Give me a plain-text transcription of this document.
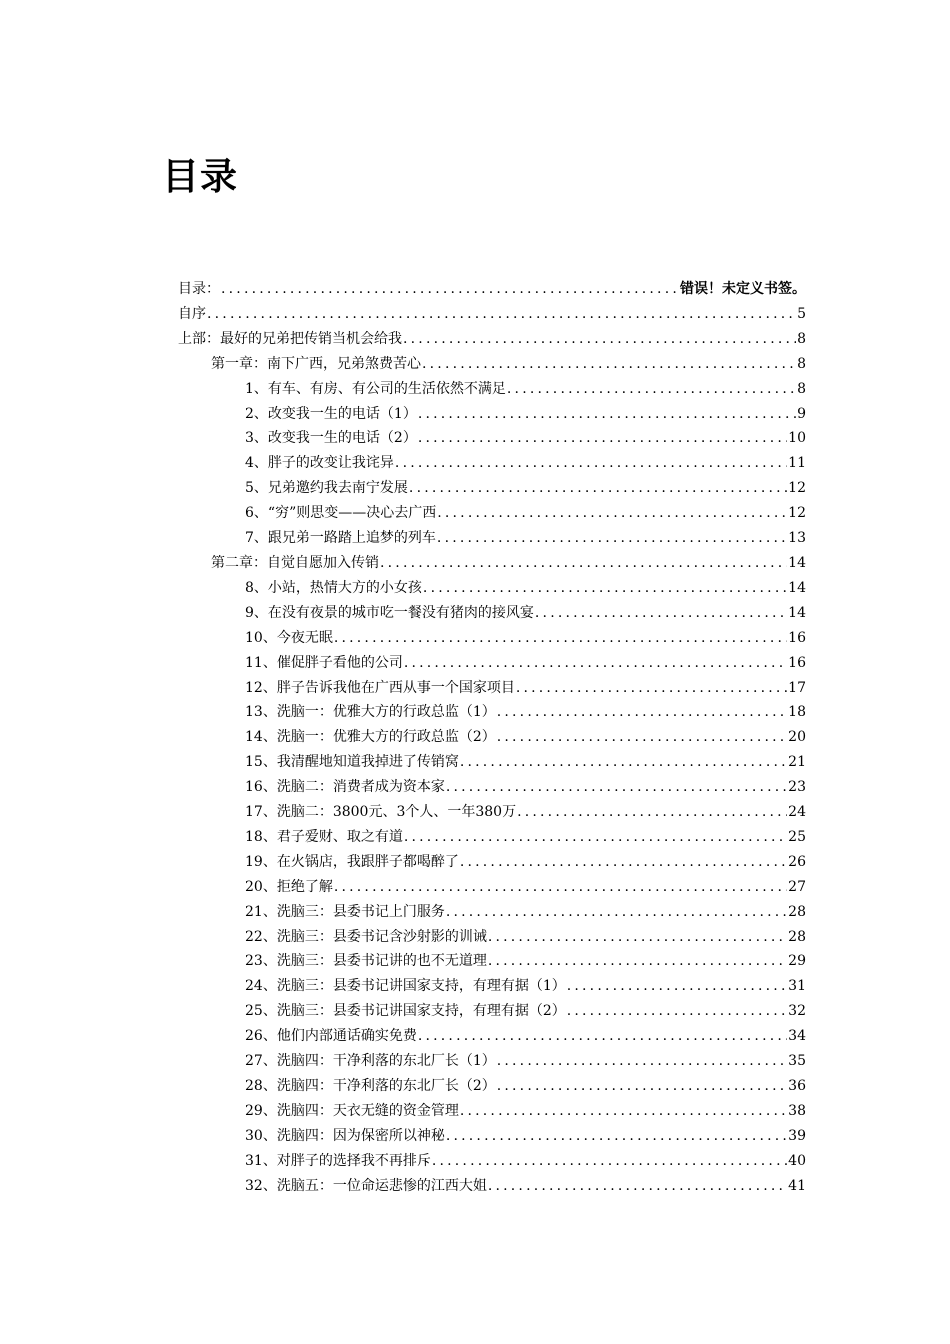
目录
目录： .....	错误！未定义书签。
自序 .....	5
上部：最好的兄弟把传销当机会给我 .....	8
第一章：南下广西，兄弟煞费苦心 .....	8
1、有车、有房、有公司的生活依然不满足 .....	8
2、改变我一生的电话（1） .....	9
3、改变我一生的电话（2） .....	10
4、胖子的改变让我诧异 .....	11
5、兄弟邀约我去南宁发展 .....	12
6、“穷”则思变——决心去广西 .....	12
7、跟兄弟一路踏上追梦的列车 .....	13
第二章：自觉自愿加入传销 .....	14
8、小站，热情大方的小女孩 .....	14
9、在没有夜景的城市吃一餐没有猪肉的接风宴 .....	14
10、今夜无眠 .....	16
11、催促胖子看他的公司 .....	16
12、胖子告诉我他在广西从事一个国家项目 .....	17
13、洗脑一：优雅大方的行政总监（1） .....	18
14、洗脑一：优雅大方的行政总监（2） .....	20
15、我清醒地知道我掉进了传销窝 .....	21
16、洗脑二：消费者成为资本家 .....	23
17、洗脑二：3800元、3个人、一年380万 .....	24
18、君子爱财、取之有道 .....	25
19、在火锅店，我跟胖子都喝醉了 .....	26
20、拒绝了解 .....	27
21、洗脑三：县委书记上门服务 .....	28
22、洗脑三：县委书记含沙射影的训诫 .....	28
23、洗脑三：县委书记讲的也不无道理 .....	29
24、洗脑三：县委书记讲国家支持，有理有据（1） .....	31
25、洗脑三：县委书记讲国家支持，有理有据（2） .....	32
26、他们内部通话确实免费 .....	34
27、洗脑四：干净利落的东北厂长（1） .....	35
28、洗脑四：干净利落的东北厂长（2） .....	36
29、洗脑四：天衣无缝的资金管理 .....	38
30、洗脑四：因为保密所以神秘 .....	39
31、对胖子的选择我不再排斥 .....	40
32、洗脑五：一位命运悲惨的江西大姐 .....	41
